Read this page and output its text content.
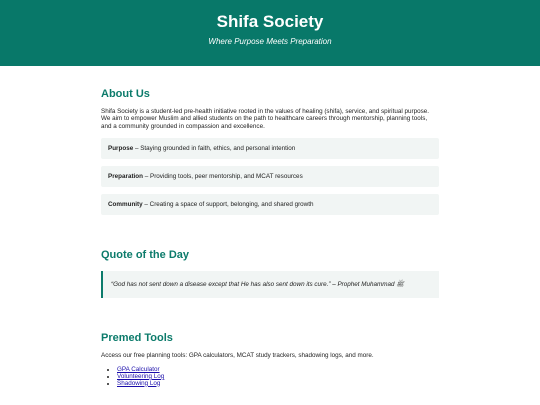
Shifa Society
Where Purpose Meets Preparation
About Us

Shifa Society is a student-led pre-health initiative rooted in the values of healing (shifa), service, and spiritual purpose. We aim to empower Muslim and allied students on the path to healthcare careers through mentorship, planning tools, and a community grounded in compassion and excellence.

Purpose – Staying grounded in faith, ethics, and personal intention
Preparation – Providing tools, peer mentorship, and MCAT resources
Community – Creating a space of support, belonging, and shared growth
Quote of the Day
“God has not sent down a disease except that He has also sent down its cure.” – Prophet Muhammad ﷺ
Premed Tools

Access our free planning tools: GPA calculators, MCAT study trackers, shadowing logs, and more.

• GPA Calculator
• Volunteering Log
• Shadowing Log
